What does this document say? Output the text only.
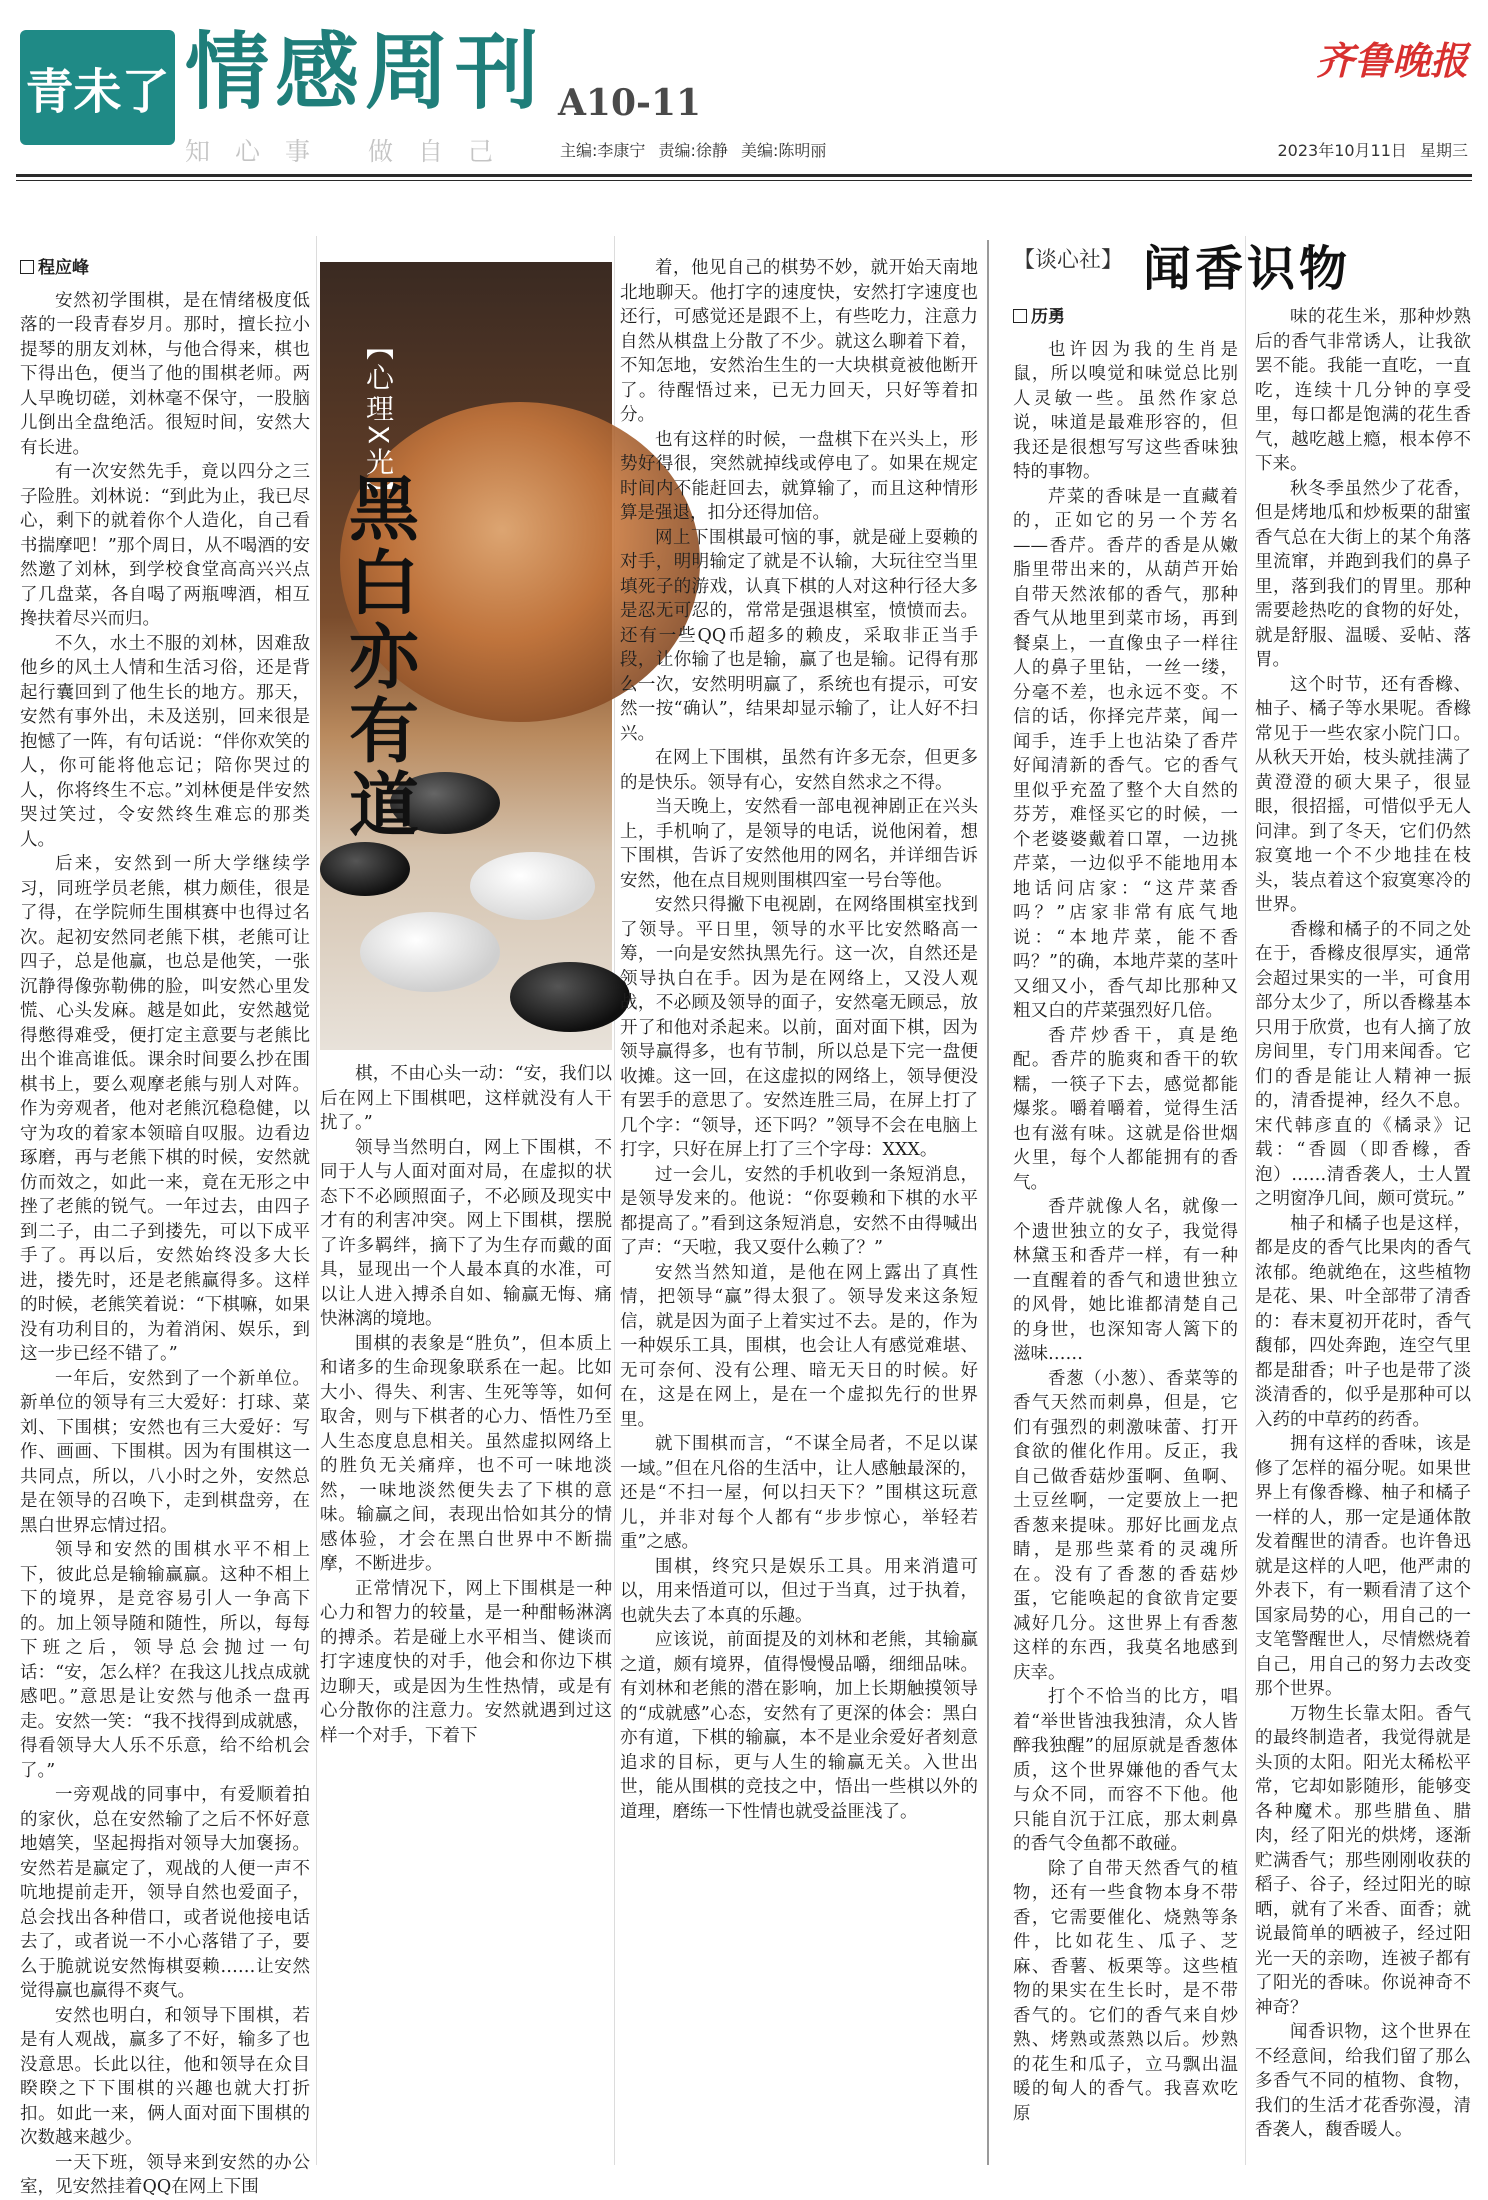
青未了 情感周刊 A10-11
知心事 做自己	主编:李康宁 责编:徐静 美编:陈明丽
齐鲁晚报
2023年10月11日 星期三
程应峰

安然初学围棋，是在情绪极度低落的一段青春岁月。那时，擅长拉小提琴的朋友刘林，与他合得来，棋也下得出色，便当了他的围棋老师。两人早晚切磋，刘林毫不保守，一股脑儿倒出全盘绝活。很短时间，安然大有长进。

有一次安然先手，竟以四分之三子险胜。刘林说：“到此为止，我已尽心，剩下的就着你个人造化，自己看书揣摩吧！”那个周日，从不喝酒的安然邀了刘林，到学校食堂高高兴兴点了几盘菜，各自喝了两瓶啤酒，相互搀扶着尽兴而归。

不久，水土不服的刘林，因难敌他乡的风土人情和生活习俗，还是背起行囊回到了他生长的地方。那天，安然有事外出，未及送别，回来很是抱憾了一阵，有句话说：“伴你欢笑的人，你可能将他忘记；陪你哭过的人，你将终生不忘。”刘林便是伴安然哭过笑过，令安然终生难忘的那类人。

后来，安然到一所大学继续学习，同班学员老熊，棋力颇佳，很是了得，在学院师生围棋赛中也得过名次。起初安然同老熊下棋，老熊可让四子，总是他赢，也总是他笑，一张沉静得像弥勒佛的脸，叫安然心里发慌、心头发麻。越是如此，安然越觉得憋得难受，便打定主意要与老熊比出个谁高谁低。课余时间要么抄在围棋书上，要么观摩老熊与别人对阵。作为旁观者，他对老熊沉稳稳健，以守为攻的着家本领暗自叹服。边看边琢磨，再与老熊下棋的时候，安然就仿而效之，如此一来，竟在无形之中挫了老熊的锐气。一年过去，由四子到二子，由二子到搂先，可以下成平手了。再以后，安然始终没多大长进，搂先时，还是老熊赢得多。这样的时候，老熊笑着说：“下棋嘛，如果没有功利目的，为着消闲、娱乐，到这一步已经不错了。”

一年后，安然到了一个新单位。新单位的领导有三大爱好：打球、菜刘、下围棋；安然也有三大爱好：写作、画画、下围棋。因为有围棋这一共同点，所以，八小时之外，安然总是在领导的召唤下，走到棋盘旁，在黑白世界忘情过招。

领导和安然的围棋水平不相上下，彼此总是输输赢赢。这种不相上下的境界，是竞容易引人一争高下的。加上领导随和随性，所以，每每下班之后，领导总会抛过一句话：“安，怎么样？在我这儿找点成就感吧。”意思是让安然与他杀一盘再走。安然一笑：“我不找得到成就感，得看领导大人乐不乐意，给不给机会了。”

一旁观战的同事中，有爱顺着拍的家伙，总在安然输了之后不怀好意地嬉笑，坚起拇指对领导大加褒扬。安然若是赢定了，观战的人便一声不吭地提前走开，领导自然也爱面子，总会找出各种借口，或者说他接电话去了，或者说一不小心落错了子，要么于脆就说安然悔棋耍赖……让安然觉得赢也赢得不爽气。

安然也明白，和领导下围棋，若是有人观战，赢多了不好，输多了也没意思。长此以往，他和领导在众目睽睽之下下围棋的兴趣也就大打折扣。如此一来，俩人面对面下围棋的次数越来越少。

一天下班，领导来到安然的办公室，见安然挂着QQ在网上下围

【心理X光】
黑白亦有道

棋，不由心头一动：“安，我们以后在网上下围棋吧，这样就没有人干扰了。”

领导当然明白，网上下围棋，不同于人与人面对面对局，在虚拟的状态下不必顾照面子，不必顾及现实中才有的利害冲突。网上下围棋，摆脱了许多羁绊，摘下了为生存而戴的面具，显现出一个人最本真的水准，可以让人进入搏杀自如、输赢无悔、痛快淋漓的境地。

围棋的表象是“胜负”，但本质上和诸多的生命现象联系在一起。比如大小、得失、利害、生死等等，如何取舍，则与下棋者的心力、悟性乃至人生态度息息相关。虽然虚拟网络上的胜负无关痛痒，也不可一味地淡然，一味地淡然便失去了下棋的意味。输赢之间，表现出恰如其分的情感体验，才会在黑白世界中不断揣摩，不断进步。

正常情况下，网上下围棋是一种心力和智力的较量，是一种酣畅淋漓的搏杀。若是碰上水平相当、健谈而打字速度快的对手，他会和你边下棋边聊天，或是因为生性热情，或是有心分散你的注意力。安然就遇到过这样一个对手，下着下

着，他见自己的棋势不妙，就开始天南地北地聊天。他打字的速度快，安然打字速度也还行，可感觉还是跟不上，有些吃力，注意力自然从棋盘上分散了不少。就这么聊着下着，不知怎地，安然治生生的一大块棋竟被他断开了。待醒悟过来，已无力回天，只好等着扣分。

也有这样的时候，一盘棋下在兴头上，形势好得很，突然就掉线或停电了。如果在规定时间内不能赶回去，就算输了，而且这种情形算是强退，扣分还得加倍。

网上下围棋最可恼的事，就是碰上耍赖的对手，明明输定了就是不认输，大玩往空当里填死子的游戏，认真下棋的人对这种行径大多是忍无可忍的，常常是强退棋室，愤愤而去。还有一些QQ币超多的赖皮，采取非正当手段，让你输了也是输，赢了也是输。记得有那么一次，安然明明赢了，系统也有提示，可安然一按“确认”，结果却显示输了，让人好不扫兴。

在网上下围棋，虽然有许多无奈，但更多的是快乐。领导有心，安然自然求之不得。

当天晚上，安然看一部电视神剧正在兴头上，手机响了，是领导的电话，说他闲着，想下围棋，告诉了安然他用的网名，并详细告诉安然，他在点目规则围棋四室一号台等他。

安然只得撇下电视剧，在网络围棋室找到了领导。平日里，领导的水平比安然略高一筹，一向是安然执黑先行。这一次，自然还是领导执白在手。因为是在网络上，又没人观战，不必顾及领导的面子，安然毫无顾忌，放开了和他对杀起来。以前，面对面下棋，因为领导赢得多，也有节制，所以总是下完一盘便收摊。这一回，在这虚拟的网络上，领导便没有罢手的意思了。安然连胜三局，在屏上打了几个字：“领导，还下吗？”领导不会在电脑上打字，只好在屏上打了三个字母：XXX。

过一会儿，安然的手机收到一条短消息，是领导发来的。他说：“你耍赖和下棋的水平都提高了。”看到这条短消息，安然不由得喊出了声：“天啦，我又耍什么赖了？”

安然当然知道，是他在网上露出了真性情，把领导“赢”得太狠了。领导发来这条短信，就是因为面子上着实过不去。是的，作为一种娱乐工具，围棋，也会让人有感觉难堪、无可奈何、没有公理、暗无天日的时候。好在，这是在网上，是在一个虚拟先行的世界里。

就下围棋而言，“不谋全局者，不足以谋一域。”但在凡俗的生活中，让人感触最深的，还是“不扫一屋，何以扫天下？”围棋这玩意儿，并非对每个人都有“步步惊心，举轻若重”之感。

围棋，终究只是娱乐工具。用来消遣可以，用来悟道可以，但过于当真，过于执着，也就失去了本真的乐趣。

应该说，前面提及的刘林和老熊，其输赢之道，颇有境界，值得慢慢品嚼，细细品味。有刘林和老熊的潜在影响，加上长期触摸领导的“成就感”心态，安然有了更深的体会：黑白亦有道，下棋的输赢，本不是业余爱好者刻意追求的目标，更与人生的输赢无关。入世出世，能从围棋的竞技之中，悟出一些棋以外的道理，磨练一下性情也就受益匪浅了。

【谈心社】 闻香识物
历勇

也许因为我的生肖是鼠，所以嗅觉和味觉总比别人灵敏一些。虽然作家总说，味道是最难形容的，但我还是很想写写这些香味独特的事物。

芹菜的香味是一直藏着的，正如它的另一个芳名——香芹。香芹的香是从嫩脂里带出来的，从葫芦开始自带天然浓郁的香气，那种香气从地里到菜市场，再到餐桌上，一直像虫子一样往人的鼻子里钻，一丝一缕，分毫不差，也永远不变。不信的话，你择完芹菜，闻一闻手，连手上也沾染了香芹好闻清新的香气。它的香气里似乎充盈了整个大自然的芬芳，难怪买它的时候，一个老婆婆戴着口罩，一边挑芹菜，一边似乎不能地用本地话问店家：“这芹菜香吗？”店家非常有底气地说：“本地芹菜，能不香吗？”的确，本地芹菜的茎叶又细又小，香气却比那种又粗又白的芹菜强烈好几倍。

香芹炒香干，真是绝配。香芹的脆爽和香干的软糯，一筷子下去，感觉都能爆浆。嚼着嚼着，觉得生活也有滋有味。这就是俗世烟火里，每个人都能拥有的香气。

香芹就像人名，就像一个遗世独立的女子，我觉得林黛玉和香芹一样，有一种一直醒着的香气和遗世独立的风骨，她比谁都清楚自己的身世，也深知寄人篱下的滋味……

香葱（小葱）、香菜等的香气天然而刺鼻，但是，它们有强烈的刺激味蕾、打开食欲的催化作用。反正，我自己做香菇炒蛋啊、鱼啊、土豆丝啊，一定要放上一把香葱来提味。那好比画龙点睛，是那些菜肴的灵魂所在。没有了香葱的香菇炒蛋，它能唤起的食欲肯定要减好几分。这世界上有香葱这样的东西，我莫名地感到庆幸。

打个不恰当的比方，唱着“举世皆浊我独清，众人皆醉我独醒”的屈原就是香葱体质，这个世界嫌他的香气太与众不同，而容不下他。他只能自沉于江底，那太刺鼻的香气令鱼都不敢碰。

除了自带天然香气的植物，还有一些食物本身不带香，它需要催化、烧熟等条件，比如花生、瓜子、芝麻、香薯、板栗等。这些植物的果实在生长时，是不带香气的。它们的香气来自炒熟、烤熟或蒸熟以后。炒熟的花生和瓜子，立马飘出温暖的甸人的香气。我喜欢吃原

味的花生米，那种炒熟后的香气非常诱人，让我欲罢不能。我能一直吃，一直吃，连续十几分钟的享受里，每口都是饱满的花生香气，越吃越上瘾，根本停不下来。

秋冬季虽然少了花香，但是烤地瓜和炒板栗的甜蜜香气总在大街上的某个角落里流窜，并跑到我们的鼻子里，落到我们的胃里。那种需要趁热吃的食物的好处，就是舒服、温暖、妥帖、落胃。

这个时节，还有香橼、柚子、橘子等水果呢。香橼常见于一些农家小院门口。从秋天开始，枝头就挂满了黄澄澄的硕大果子，很显眼，很招摇，可惜似乎无人问津。到了冬天，它们仍然寂寞地一个不少地挂在枝头，装点着这个寂寞寒冷的世界。

香橼和橘子的不同之处在于，香橼皮很厚实，通常会超过果实的一半，可食用部分太少了，所以香橼基本只用于欣赏，也有人摘了放房间里，专门用来闻香。它们的香是能让人精神一振的，清香提神，经久不息。宋代韩彦直的《橘录》记载：“香圆（即香橼，香泡）……清香袭人，士人置之明窗净几间，颇可赏玩。”

柚子和橘子也是这样，都是皮的香气比果肉的香气浓郁。绝就绝在，这些植物是花、果、叶全部带了清香的：春末夏初开花时，香气馥郁，四处奔跑，连空气里都是甜香；叶子也是带了淡淡清香的，似乎是那种可以入药的中草药的药香。

拥有这样的香味，该是修了怎样的福分呢。如果世界上有像香橼、柚子和橘子一样的人，那一定是通体散发着醒世的清香。也许鲁迅就是这样的人吧，他严肃的外表下，有一颗看清了这个国家局势的心，用自己的一支笔警醒世人，尽情燃烧着自己，用自己的努力去改变那个世界。

万物生长靠太阳。香气的最终制造者，我觉得就是头顶的太阳。阳光太稀松平常，它却如影随形，能够变各种魔术。那些腊鱼、腊肉，经了阳光的烘烤，逐渐贮满香气；那些刚刚收获的稻子、谷子，经过阳光的晾晒，就有了米香、面香；就说最简单的晒被子，经过阳光一天的亲吻，连被子都有了阳光的香味。你说神奇不神奇？

闻香识物，这个世界在不经意间，给我们留了那么多香气不同的植物、食物，我们的生活才花香弥漫，清香袭人，馥香暖人。
